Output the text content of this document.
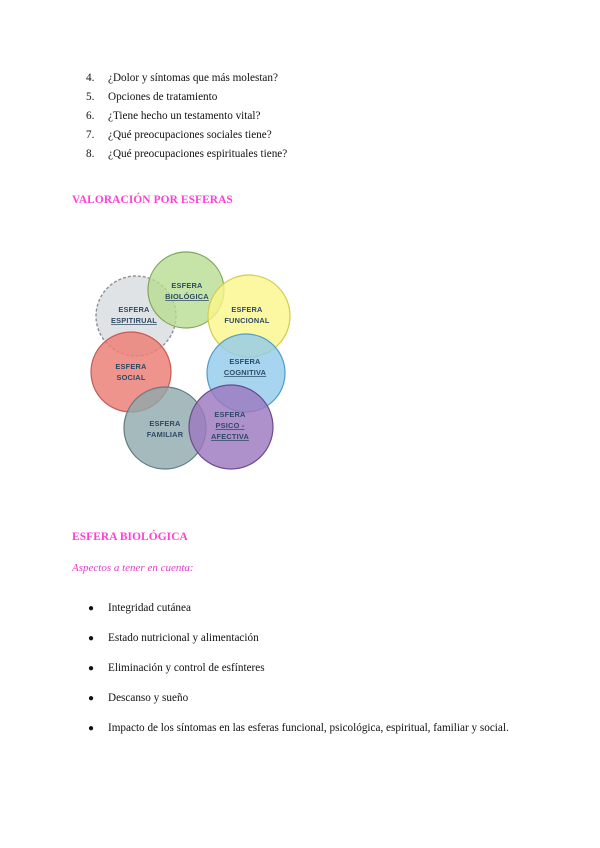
4. ¿Dolor y síntomas que más molestan?
5. Opciones de tratamiento
6. ¿Tiene hecho un testamento vital?
7. ¿Qué preocupaciones sociales tiene?
8. ¿Qué preocupaciones espirituales tiene?
VALORACIÓN POR ESFERAS
ESFERA
ESPITIRUAL
ESFERA
BIOLÓGICA
ESFERA
FUNCIONAL
ESFERA
COGNITIVA
ESFERA
SOCIAL
ESFERA
FAMILIAR
ESFERA
PSICO -
AFECTIVA
ESFERA BIOLÓGICA

Aspectos a tener en cuenta:

● Integridad cutánea
● Estado nutricional y alimentación
● Eliminación y control de esfínteres
● Descanso y sueño
● Impacto de los síntomas en las esferas funcional, psicológica, espiritual, familiar y social.
